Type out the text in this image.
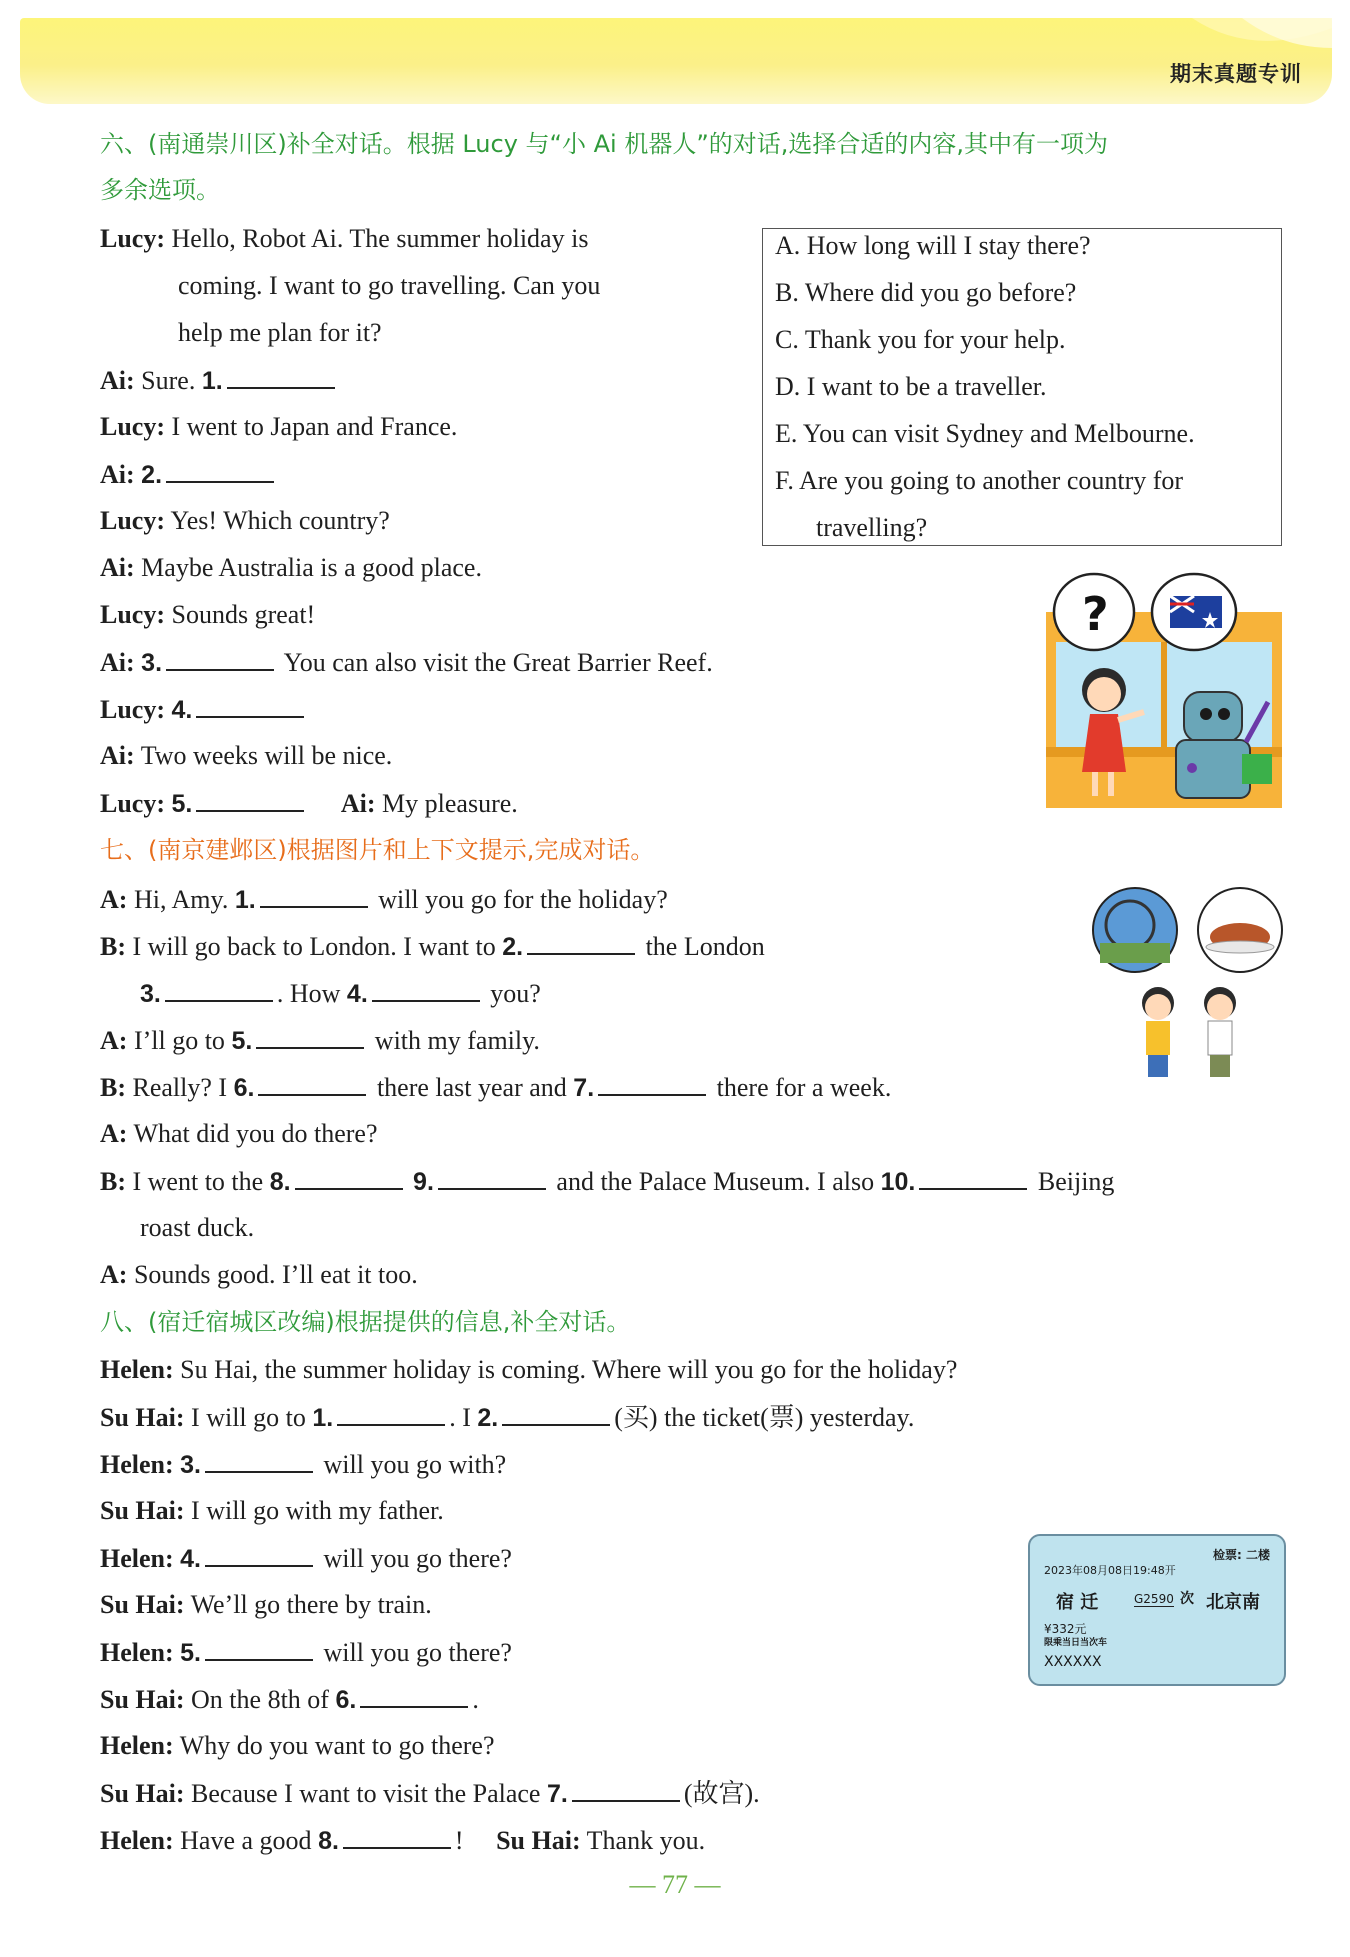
期末真题专训
六、(南通崇川区)补全对话。根据 Lucy 与“小 Ai 机器人”的对话,选择合适的内容,其中有一项为
多余选项。
Lucy: Hello, Robot Ai. The summer holiday is
coming. I want to go travelling. Can you
help me plan for it?
Ai: Sure. 1.
Lucy: I went to Japan and France.
Ai: 2.
Lucy: Yes! Which country?
Ai: Maybe Australia is a good place.
Lucy: Sounds great!
Ai: 3.	You can also visit the Great Barrier Reef.
Lucy: 4.
Ai: Two weeks will be nice.
Lucy: 5.	Ai: My pleasure.
A. How long will I stay there?
B. Where did you go before?
C. Thank you for your help.
D. I want to be a traveller.
E. You can visit Sydney and Melbourne.
F. Are you going to another country for
travelling?
?
七、(南京建邺区)根据图片和上下文提示,完成对话。
A: Hi, Amy. 1.	will you go for the holiday?
B: I will go back to London. I want to 2.	the London
3.	. How 4.	you?
A: I’ll go to 5.	with my family.
B: Really? I 6.	there last year and 7.	there for a week.
A: What did you do there?
B: I went to the 8.	9.	and the Palace Museum. I also 10.	Beijing
roast duck.
A: Sounds good. I’ll eat it too.
八、(宿迁宿城区改编)根据提供的信息,补全对话。
Helen: Su Hai, the summer holiday is coming. Where will you go for the holiday?
Su Hai: I will go to 1.	. I 2.	(买) the ticket(票) yesterday.
Helen: 3.	will you go with?
Su Hai: I will go with my father.
Helen: 4.	will you go there?
Su Hai: We’ll go there by train.
Helen: 5.	will you go there?
Su Hai: On the 8th of 6.	.
Helen: Why do you want to go there?
Su Hai: Because I want to visit the Palace 7.	(故宫).
Helen: Have a good 8.	! Su Hai: Thank you.
检票: 二楼
2023年08月08日19:48开
宿 迁	G2590 次 北京南
¥332元
限乘当日当次车
XXXXXX
— 77 —
